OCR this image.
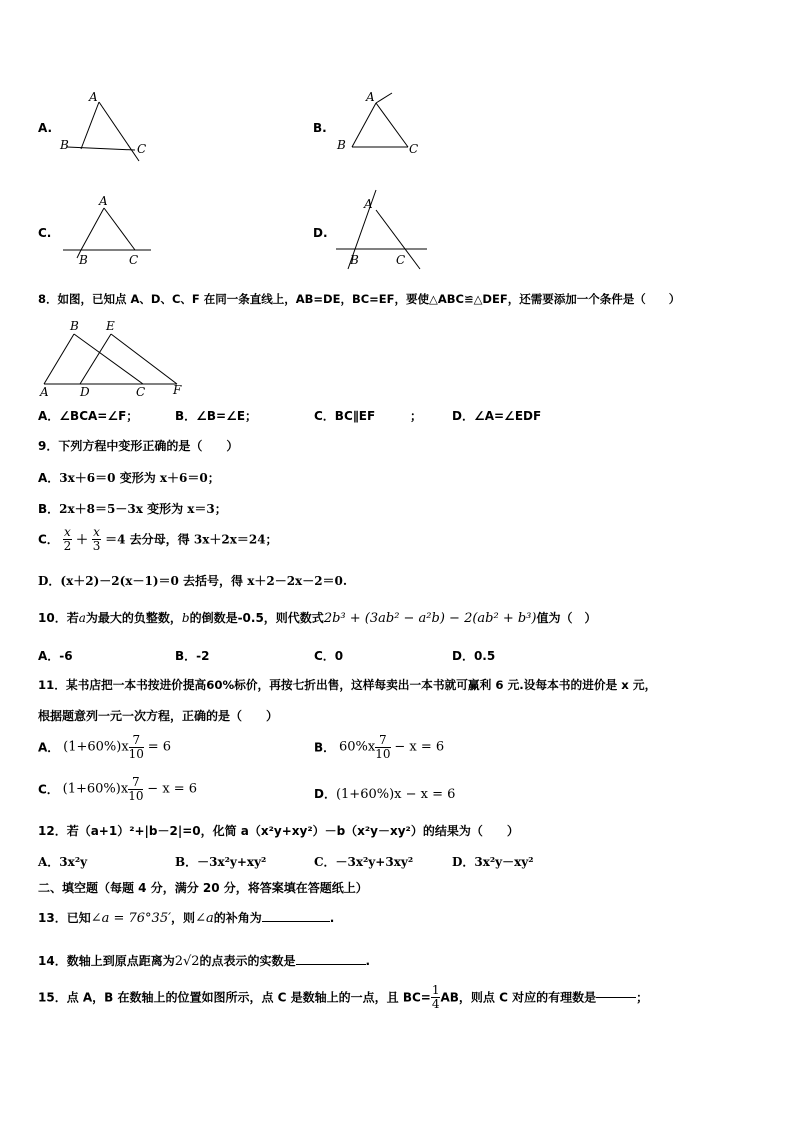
A.
A
B	C
B.
A
B	C
C.
A
B	C
D.
A
B	C
8．如图，已知点 A、D、C、F 在同一条直线上，AB=DE，BC=EF，要使△ABC≌△DEF，还需要添加一个条件是（　　）
A
B
D
E
C F
A．∠BCA=∠F；	B．∠B=∠E；	C．BC∥EF	； D．∠A=∠EDF
9．下列方程中变形正确的是（　　）
A．3x＋6＝0 变形为 x＋6＝0；
B．2x＋8＝5－3x 变形为 x＝3；
C． $\frac{x}{2} + \frac{x}{3} =4$ 去分母，得 3x＋2x＝24；
D．(x＋2)－2(x－1)＝0 去括号，得 x＋2－2x－2＝0.
10．若a为最大的负整数，b的倒数是-0.5，则代数式2b³ + (3ab² − a²b) − 2(ab² + b³)值为（　）
A．-6	B．-2	C．0	D．0.5
11．某书店把一本书按进价提高60%标价，再按七折出售，这样每卖出一本书就可赢利 6 元.设每本书的进价是 x 元，
根据题意列一元一次方程，正确的是（　　）
A． $(1+60\%)x \frac{7}{10} = 6$	B． $60\%x \frac{7}{10} - x = 6$
C． $(1+60\%)x \frac{7}{10} - x = 6$	D．(1+60%)x − x = 6
12．若（a+1）²+|b－2|=0，化简 a（x²y+xy²）－b（x²y－xy²）的结果为（　　）
A．3x²y	B．－3x²y+xy²	C．－3x²y+3xy²	D．3x²y－xy²
二、填空题（每题 4 分，满分 20 分，将答案填在答题纸上）
13．已知∠a = 76°35′，则∠a的补角为	.
14．数轴上到原点距离为2√2的点表示的实数是	.
15．点 A，B 在数轴上的位置如图所示，点 C 是数轴上的一点，且 $BC= \frac{1}{4}$ AB，则点 C 对应的有理数是	；
